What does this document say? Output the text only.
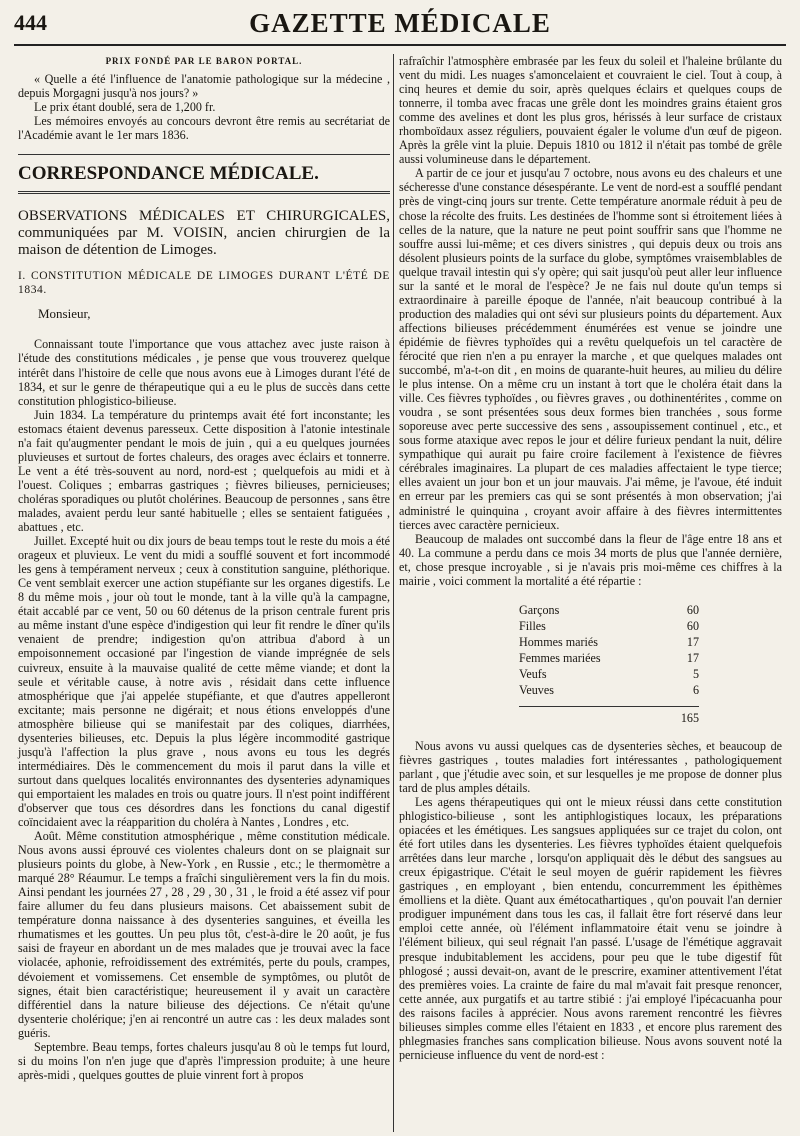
444	GAZETTE MÉDICALE
PRIX FONDÉ PAR LE BARON PORTAL.

« Quelle a été l'influence de l'anatomie pathologique sur la médecine , depuis Morgagni jusqu'à nos jours? »

Le prix étant doublé, sera de 1,200 fr.

Les mémoires envoyés au concours devront être remis au secrétariat de l'Académie avant le 1er mars 1836.

CORRESPONDANCE MÉDICALE.
OBSERVATIONS MÉDICALES ET CHIRURGICALES, communiquées par M. VOISIN, ancien chirurgien de la maison de détention de Limoges.
I. CONSTITUTION MÉDICALE DE LIMOGES DURANT L'ÉTÉ DE 1834.
Monsieur,

Connaissant toute l'importance que vous attachez avec juste raison à l'étude des constitutions médicales , je pense que vous trouverez quelque intérêt dans l'histoire de celle que nous avons eue à Limoges durant l'été de 1834, et sur le genre de thérapeutique qui a eu le plus de succès dans cette constitution phlogistico-bilieuse.

Juin 1834. La température du printemps avait été fort inconstante; les estomacs étaient devenus paresseux. Cette disposition à l'atonie intestinale n'a fait qu'augmenter pendant le mois de juin , qui a eu quelques journées pluvieuses et surtout de fortes chaleurs, des orages avec éclairs et tonnerre. Le vent a été très-souvent au nord, nord-est ; quelquefois au midi et à l'ouest. Coliques ; embarras gastriques ; fièvres bilieuses, pernicieuses; choléras sporadiques ou plutôt cholérines. Beaucoup de personnes , sans être malades, avaient perdu leur santé habituelle ; elles se sentaient fatiguées , abattues , etc.

Juillet. Excepté huit ou dix jours de beau temps tout le reste du mois a été orageux et pluvieux. Le vent du midi a soufflé souvent et fort incommodé les gens à tempérament nerveux ; ceux à constitution sanguine, pléthorique. Ce vent semblait exercer une action stupéfiante sur les organes digestifs. Le 8 du même mois , jour où tout le monde, tant à la ville qu'à la campagne, était accablé par ce vent, 50 ou 60 détenus de la prison centrale furent pris au même instant d'une espèce d'indigestion qui leur fit rendre le dîner qu'ils venaient de prendre; indigestion qu'on attribua d'abord à un empoisonnement occasioné par l'ingestion de viande imprégnée de sels cuivreux, ensuite à la mauvaise qualité de cette même viande; et dont la seule et véritable cause, à notre avis , résidait dans cette influence atmosphérique que j'ai appelée stupéfiante, et que d'autres appelleront excitante; mais personne ne digérait; et nous étions enveloppés d'une atmosphère bilieuse qui se manifestait par des coliques, diarrhées, dysenteries bilieuses, etc. Depuis la plus légère incommodité gastrique jusqu'à l'affection la plus grave , nous avons eu tous les degrés intermédiaires. Dès le commencement du mois il parut dans la ville et surtout dans quelques localités environnantes des dysenteries adynamiques qui emportaient les malades en trois ou quatre jours. Il n'est point indifférent d'observer que tous ces désordres dans les fonctions du canal digestif coïncidaient avec la réapparition du choléra à Nantes , Londres , etc.

Août. Même constitution atmosphérique , même constitution médicale. Nous avons aussi éprouvé ces violentes chaleurs dont on se plaignait sur plusieurs points du globe, à New-York , en Russie , etc.; le thermomètre a marqué 28° Réaumur. Le temps a fraîchi singulièrement vers la fin du mois. Ainsi pendant les journées 27 , 28 , 29 , 30 , 31 , le froid a été assez vif pour faire allumer du feu dans plusieurs maisons. Cet abaissement subit de température donna naissance à des dysenteries sanguines, et éveilla les rhumatismes et les gouttes. Un peu plus tôt, c'est-à-dire le 20 août, je fus saisi de frayeur en abordant un de mes malades que je trouvai avec la face violacée, aphonie, refroidissement des extrémités, perte du pouls, crampes, dévoiement et vomissemens. Cet ensemble de symptômes, ou plutôt de signes, était bien caractéristique; heureusement il y avait un caractère différentiel dans la nature bilieuse des déjections. Ce n'était qu'une dysenterie cholérique; j'en ai rencontré un autre cas : les deux malades sont guéris.

Septembre. Beau temps, fortes chaleurs jusqu'au 8 où le temps fut lourd, si du moins l'on n'en juge que d'après l'impression produite; à une heure après-midi , quelques gouttes de pluie vinrent fort à propos

rafraîchir l'atmosphère embrasée par les feux du soleil et l'haleine brûlante du vent du midi. Les nuages s'amoncelaient et couvraient le ciel. Tout à coup, à cinq heures et demie du soir, après quelques éclairs et quelques coups de tonnerre, il tomba avec fracas une grêle dont les moindres grains étaient gros comme des avelines et dont les plus gros, hérissés à leur surface de cristaux rhomboïdaux assez réguliers, pouvaient égaler le volume d'un œuf de pigeon. Après la grêle vint la pluie. Depuis 1810 ou 1812 il n'était pas tombé de grêle aussi volumineuse dans le département.

A partir de ce jour et jusqu'au 7 octobre, nous avons eu des chaleurs et une sécheresse d'une constance désespérante. Le vent de nord-est a soufflé pendant près de vingt-cinq jours sur trente. Cette température anormale réduit à peu de chose la récolte des fruits. Les destinées de l'homme sont si étroitement liées à celles de la nature, que la nature ne peut point souffrir sans que l'homme ne souffre aussi lui-même; et ces divers sinistres , qui depuis deux ou trois ans désolent plusieurs points de la surface du globe, symptômes vraisemblables de quelque travail intestin qui s'y opère; qui sait jusqu'où peut aller leur influence sur la santé et le moral de l'espèce? Je ne fais nul doute qu'un temps si extraordinaire à pareille époque de l'année, n'ait beaucoup contribué à la production des maladies qui ont sévi sur plusieurs points du département. Aux affections bilieuses précédemment énumérées est venue se joindre une épidémie de fièvres typhoïdes qui a revêtu quelquefois un tel caractère de férocité que rien n'en a pu enrayer la marche , et que quelques malades ont succombé, m'a-t-on dit , en moins de quarante-huit heures, au milieu du délire le plus intense. On a même cru un instant à tort que le choléra était dans la ville. Ces fièvres typhoïdes , ou fièvres graves , ou dothinentérites , comme on voudra , se sont présentées sous deux formes bien tranchées , sous forme soporeuse avec perte successive des sens , assoupissement continuel , etc., et sous forme ataxique avec repos le jour et délire furieux pendant la nuit, délire sympathique qui aurait pu faire croire facilement à l'existence de fièvres cérébrales imaginaires. La plupart de ces maladies affectaient le type tierce; elles avaient un jour bon et un jour mauvais. J'ai même, je l'avoue, été induit en erreur par les premiers cas qui se sont présentés à mon observation; j'ai administré le quinquina , croyant avoir affaire à des fièvres intermittentes tierces avec caractère pernicieux.

Beaucoup de malades ont succombé dans la fleur de l'âge entre 18 ans et 40. La commune a perdu dans ce mois 34 morts de plus que l'année dernière, et, chose presque incroyable , si je n'avais pris moi-même ces chiffres à la mairie , voici comment la mortalité a été répartie :

Garçons	60
Filles	60
Hommes mariés	17
Femmes mariées	17
Veufs	5
Veuves	6
165

Nous avons vu aussi quelques cas de dysenteries sèches, et beaucoup de fièvres gastriques , toutes maladies fort intéressantes , pathologiquement parlant , que j'étudie avec soin, et sur lesquelles je me propose de donner plus tard de plus amples détails.

Les agens thérapeutiques qui ont le mieux réussi dans cette constitution phlogistico-bilieuse , sont les antiphlogistiques locaux, les préparations opiacées et les émétiques. Les sangsues appliquées sur ce trajet du colon, ont été fort utiles dans les dysenteries. Les fièvres typhoïdes étaient quelquefois arrêtées dans leur marche , lorsqu'on appliquait dès le début des sangsues au creux épigastrique. C'était le seul moyen de guérir rapidement les fièvres gastriques , en employant , bien entendu, concurremment les épithèmes émolliens et la diète. Quant aux émétocathartiques , qu'on pouvait l'an dernier prodiguer impunément dans tous les cas, il fallait être fort réservé dans leur emploi cette année, où l'élément inflammatoire était venu se joindre à l'élément bilieux, qui seul régnait l'an passé. L'usage de l'émétique aggravait presque indubitablement les accidens, pour peu que le tube digestif fût phlogosé ; aussi devait-on, avant de le prescrire, examiner attentivement l'état des premières voies. La crainte de faire du mal m'avait fait presque renoncer, cette année, aux purgatifs et au tartre stibié : j'ai employé l'ipécacuanha pour des raisons faciles à apprécier. Nous avons rarement rencontré les fièvres bilieuses simples comme elles l'étaient en 1833 , et encore plus rarement des phlegmasies franches sans complication bilieuse. Nous avons souvent noté la pernicieuse influence du vent de nord-est :
